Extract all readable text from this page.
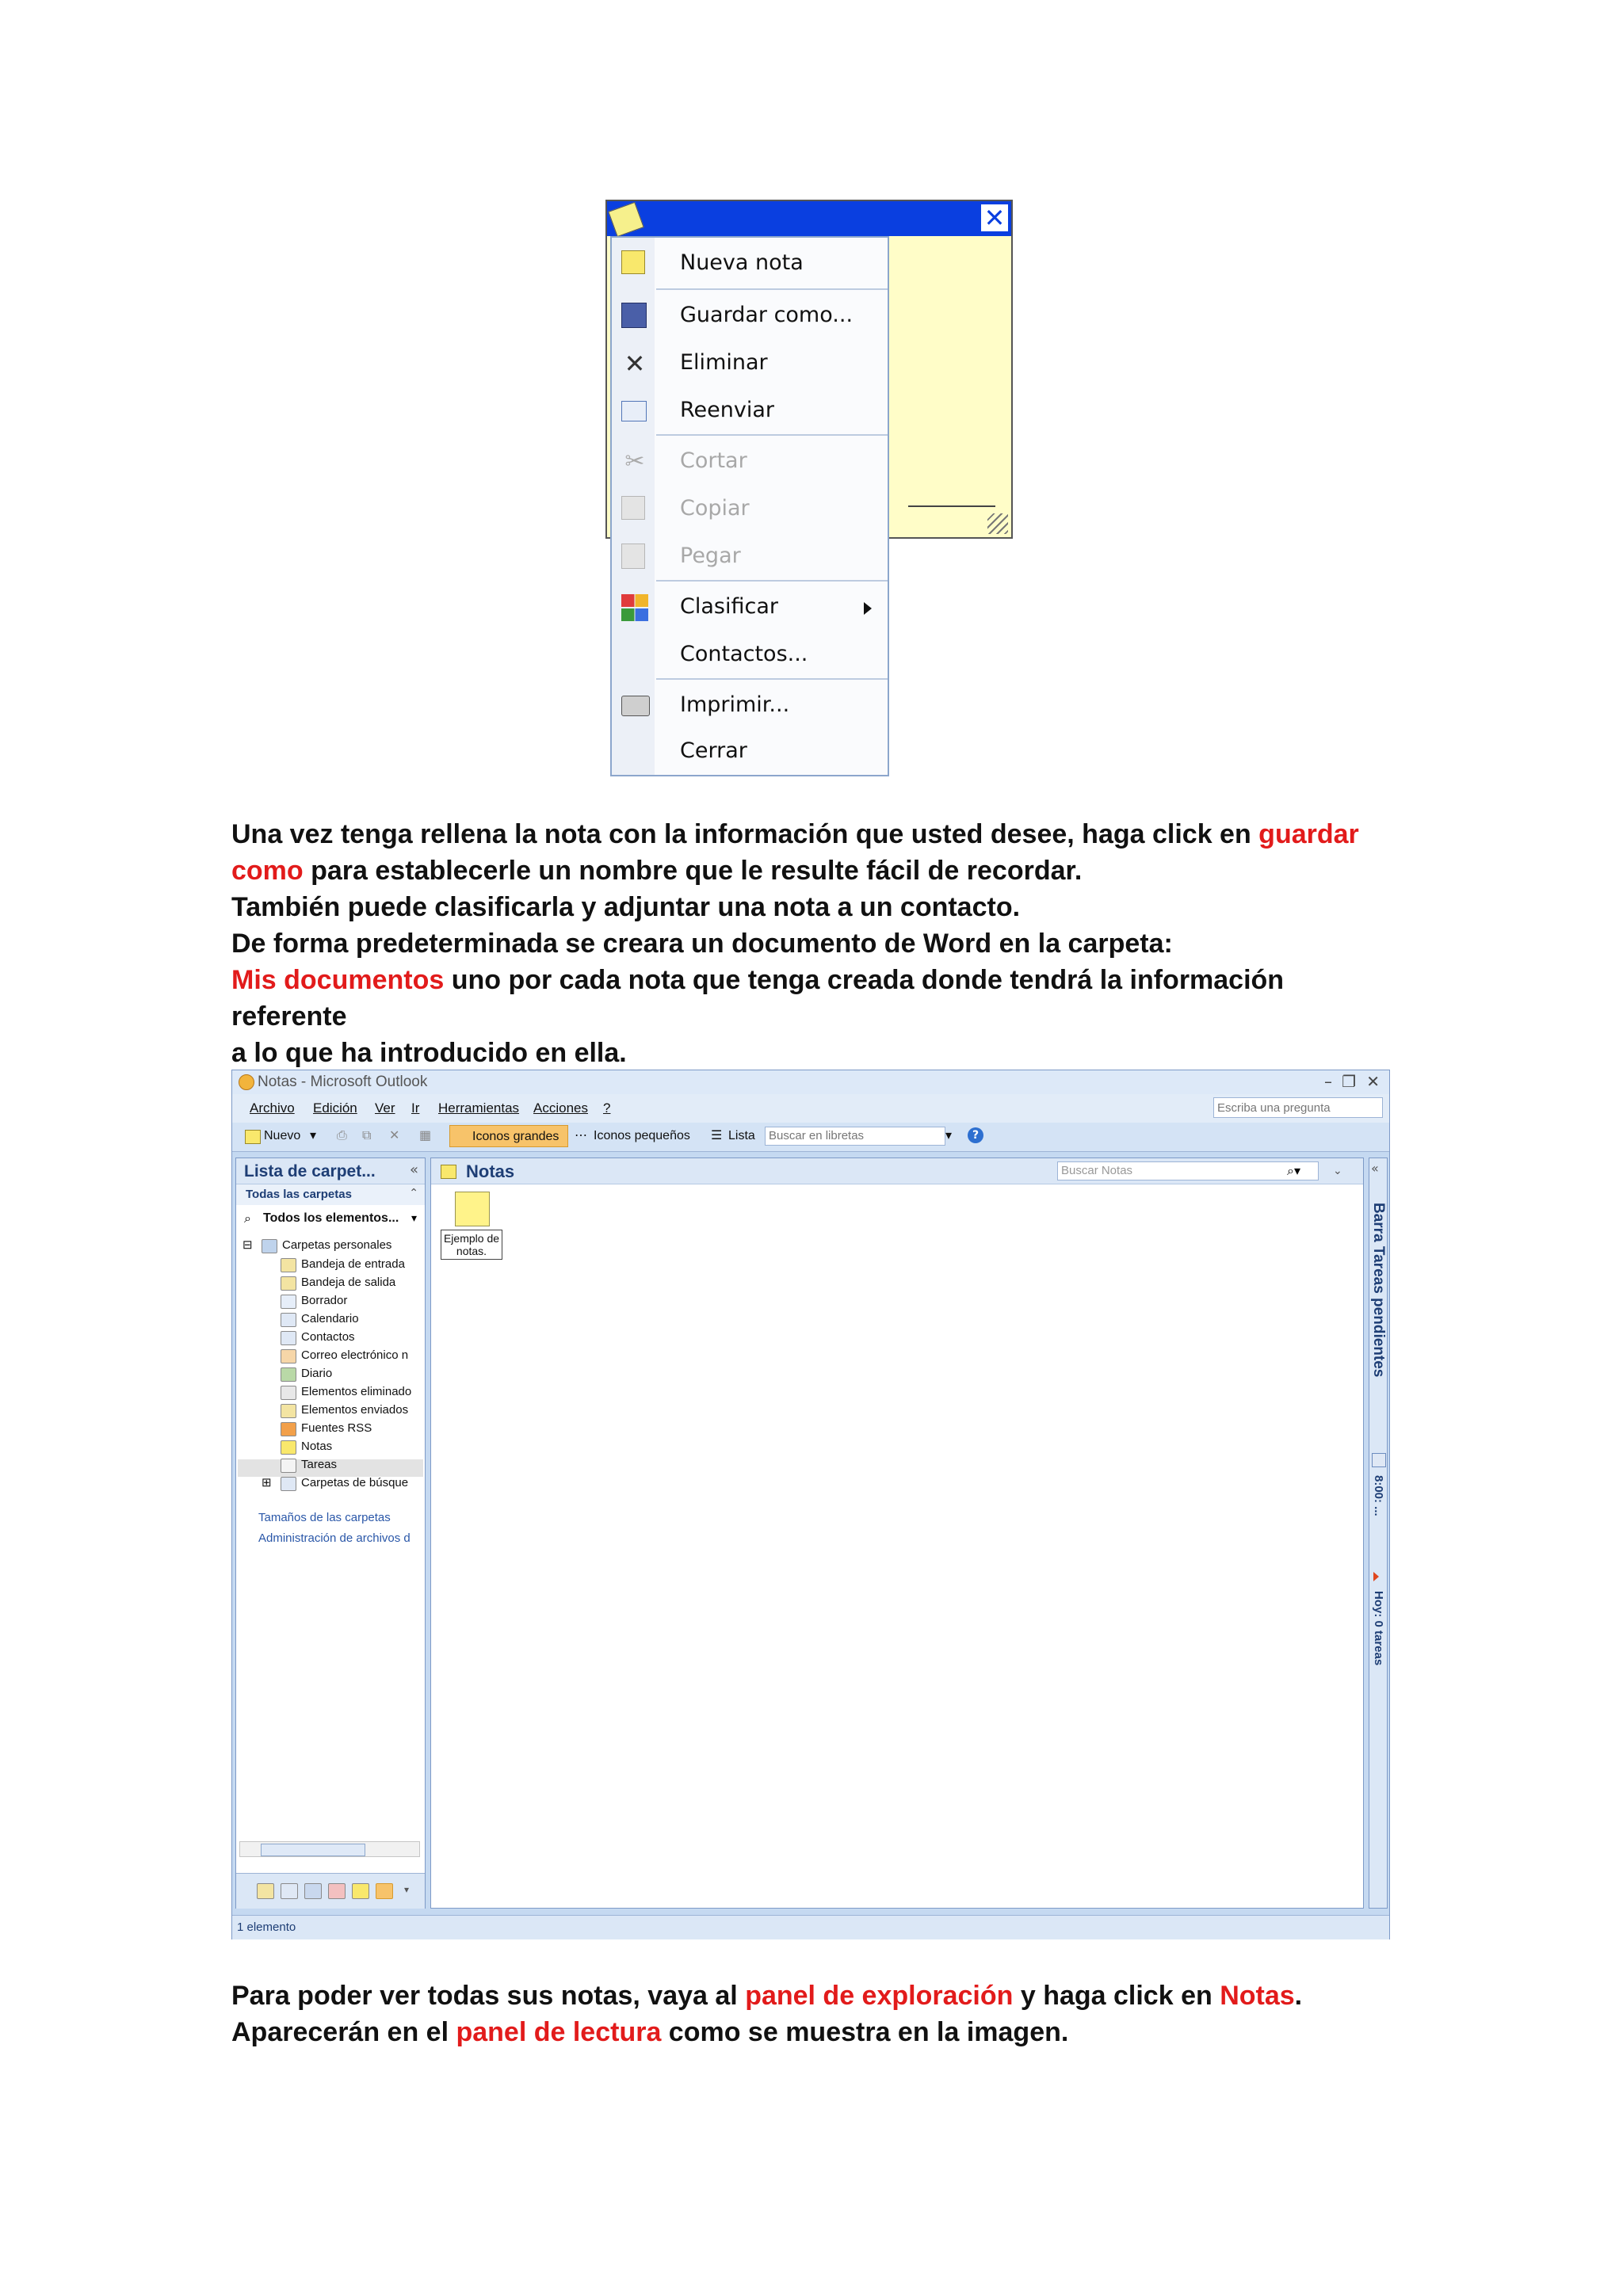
✕
Nueva nota
Guardar como...
✕ Eliminar
Reenviar
✂ Cortar
Copiar
Pegar
Clasificar
Contactos...
Imprimir...
Cerrar
Una vez tenga rellena la nota con la información que usted desee, haga click en guardar
como para establecerle un nombre que le resulte fácil de recordar.
También puede clasificarla y adjuntar una nota a un contacto.
De forma predeterminada se creara un documento de Word en la carpeta:
Mis documentos uno por cada nota que tenga creada donde tendrá la información referente
a lo que ha introducido en ella.
Notas - Microsoft Outlook	– ❐ ✕
Archivo Edición Ver Ir Herramientas Acciones ?	Escriba una pregunta
Nuevo ▾ ⎙ ⧉ ✕ ▦	Iconos grandes ⋯ Iconos pequeños ☰ Lista	Buscar en libretas	▾	?
Lista de carpet... «
Todas las carpetas	⌃
⌕ Todos los elementos... ▾
⊟ Carpetas personales
Bandeja de entrada
Bandeja de salida
Borrador
Calendario
Contactos
Correo electrónico n
Diario
Elementos eliminado
Elementos enviados
Fuentes RSS
Notas
Tareas
⊞ Carpetas de búsque
Tamaños de las carpetas
Administración de archivos d
▾
Notas	Buscar Notas	⌕▾	⌄
Ejemplo de
notas.
«
Barra Tareas pendientes
8:00: ...
Hoy: 0 tareas
1 elemento
Para poder ver todas sus notas, vaya al panel de exploración y haga click en Notas.
Aparecerán en el panel de lectura como se muestra en la imagen.
